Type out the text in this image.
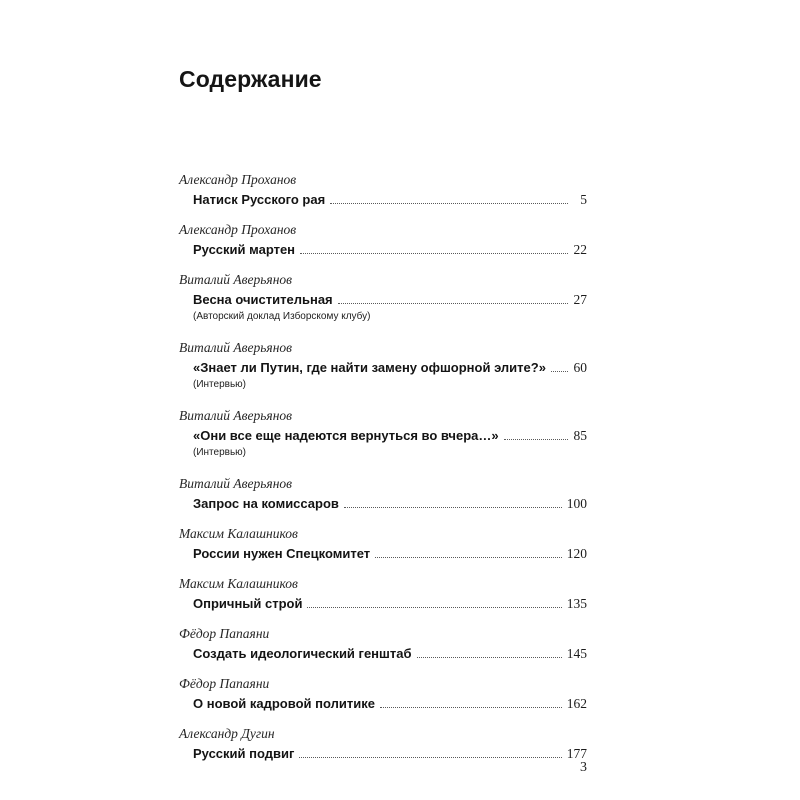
Содержание
Александр Проханов
Натиск Русского рая	5
Александр Проханов
Русский мартен	22
Виталий Аверьянов
Весна очистительная	27
(Авторский доклад Изборскому клубу)
Виталий Аверьянов
«Знает ли Путин, где найти замену офшорной элите?» 60
(Интервью)
Виталий Аверьянов
«Они все еще надеются вернуться во вчера…»	85
(Интервью)
Виталий Аверьянов
Запрос на комиссаров	100
Максим Калашников
России нужен Спецкомитет	120
Максим Калашников
Опричный строй	135
Фёдор Папаяни
Создать идеологический генштаб	145
Фёдор Папаяни
О новой кадровой политике	162
Александр Дугин
Русский подвиг	177
3
